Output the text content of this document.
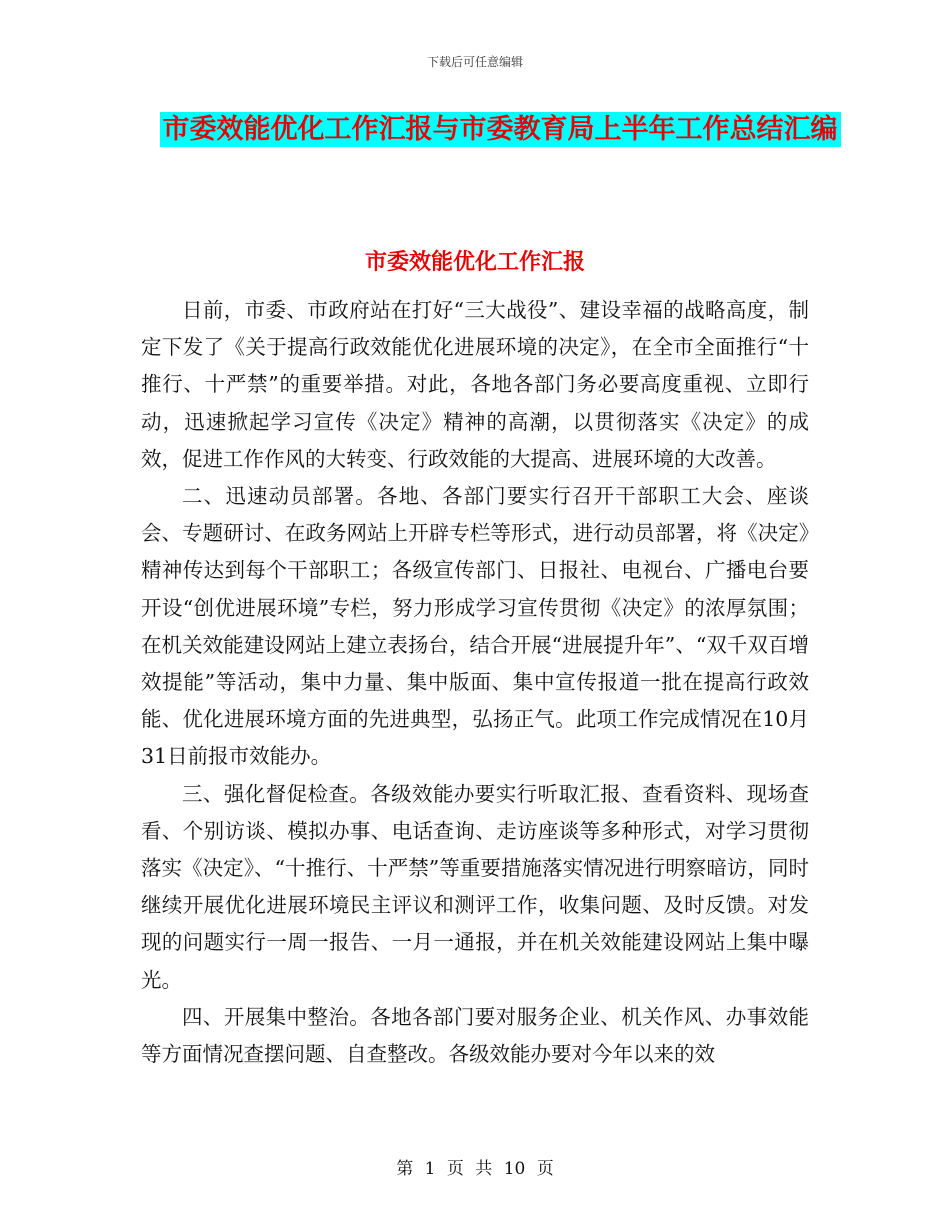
下载后可任意编辑
市委效能优化工作汇报与市委教育局上半年工作总结汇编
市委效能优化工作汇报

日前，市委、市政府站在打好“三大战役”、建设幸福的战略高度，制定下发了《关于提高行政效能优化进展环境的决定》，在全市全面推行“十推行、十严禁”的重要举措。对此，各地各部门务必要高度重视、立即行动，迅速掀起学习宣传《决定》精神的高潮，以贯彻落实《决定》的成效，促进工作作风的大转变、行政效能的大提高、进展环境的大改善。

二、迅速动员部署。各地、各部门要实行召开干部职工大会、座谈会、专题研讨、在政务网站上开辟专栏等形式，进行动员部署，将《决定》精神传达到每个干部职工；各级宣传部门、日报社、电视台、广播电台要开设“创优进展环境”专栏，努力形成学习宣传贯彻《决定》的浓厚氛围；在机关效能建设网站上建立表扬台，结合开展“进展提升年”、“双千双百增效提能”等活动，集中力量、集中版面、集中宣传报道一批在提高行政效能、优化进展环境方面的先进典型，弘扬正气。此项工作完成情况在10月31日前报市效能办。

三、强化督促检查。各级效能办要实行听取汇报、查看资料、现场查看、个别访谈、模拟办事、电话查询、走访座谈等多种形式，对学习贯彻落实《决定》、“十推行、十严禁”等重要措施落实情况进行明察暗访，同时继续开展优化进展环境民主评议和测评工作，收集问题、及时反馈。对发现的问题实行一周一报告、一月一通报，并在机关效能建设网站上集中曝光。

四、开展集中整治。各地各部门要对服务企业、机关作风、办事效能等方面情况查摆问题、自查整改。各级效能办要对今年以来的效

第 1 页 共 10 页
